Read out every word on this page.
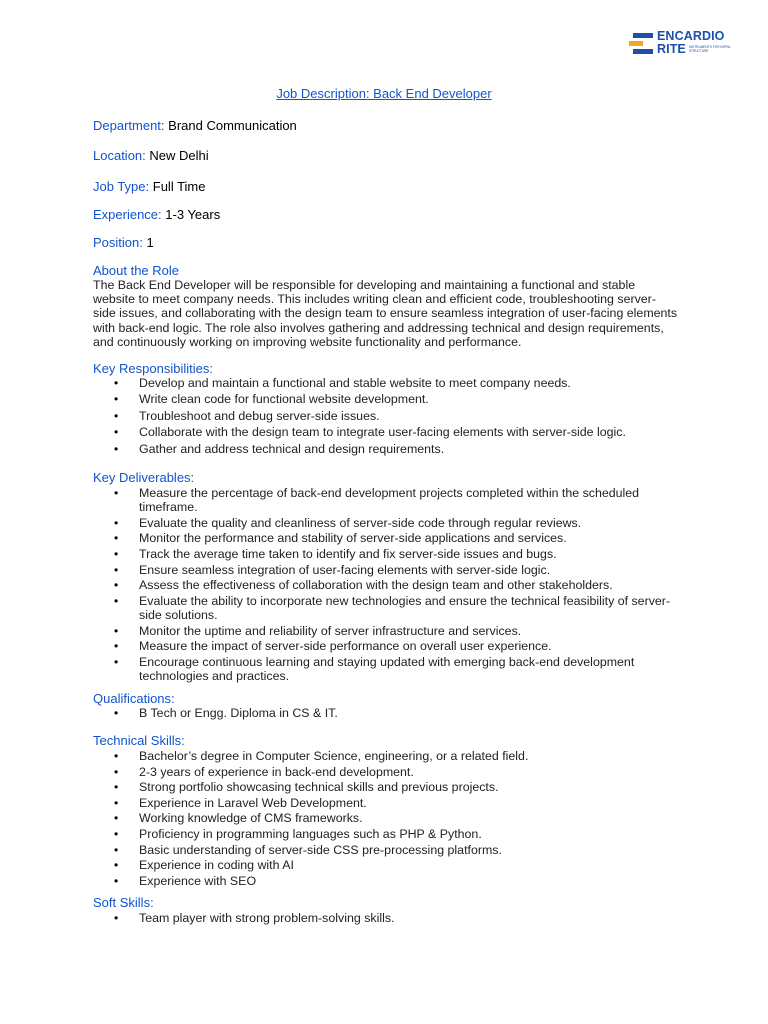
ENCARDIO
RITE INSTRUMENTS FOR INFRA-STRUCTURE
Job Description: Back End Developer
Department: Brand Communication
Location: New Delhi
Job Type: Full Time
Experience: 1-3 Years
Position: 1
About the Role
The Back End Developer will be responsible for developing and maintaining a functional and stable website to meet company needs. This includes writing clean and efficient code, troubleshooting server-side issues, and collaborating with the design team to ensure seamless integration of user-facing elements with back-end logic. The role also involves gathering and addressing technical and design requirements, and continuously working on improving website functionality and performance.
Key Responsibilities:
• Develop and maintain a functional and stable website to meet company needs.
• Write clean code for functional website development.
• Troubleshoot and debug server-side issues.
• Collaborate with the design team to integrate user-facing elements with server-side logic.
• Gather and address technical and design requirements.
Key Deliverables:
• Measure the percentage of back-end development projects completed within the scheduled timeframe.
• Evaluate the quality and cleanliness of server-side code through regular reviews.
• Monitor the performance and stability of server-side applications and services.
• Track the average time taken to identify and fix server-side issues and bugs.
• Ensure seamless integration of user-facing elements with server-side logic.
• Assess the effectiveness of collaboration with the design team and other stakeholders.
• Evaluate the ability to incorporate new technologies and ensure the technical feasibility of server-side solutions.
• Monitor the uptime and reliability of server infrastructure and services.
• Measure the impact of server-side performance on overall user experience.
• Encourage continuous learning and staying updated with emerging back-end development technologies and practices.
Qualifications:
• B Tech or Engg. Diploma in CS & IT.
Technical Skills:
• Bachelor’s degree in Computer Science, engineering, or a related field.
• 2-3 years of experience in back-end development.
• Strong portfolio showcasing technical skills and previous projects.
• Experience in Laravel Web Development.
• Working knowledge of CMS frameworks.
• Proficiency in programming languages such as PHP & Python.
• Basic understanding of server-side CSS pre-processing platforms.
• Experience in coding with AI
• Experience with SEO
Soft Skills:
• Team player with strong problem-solving skills.
